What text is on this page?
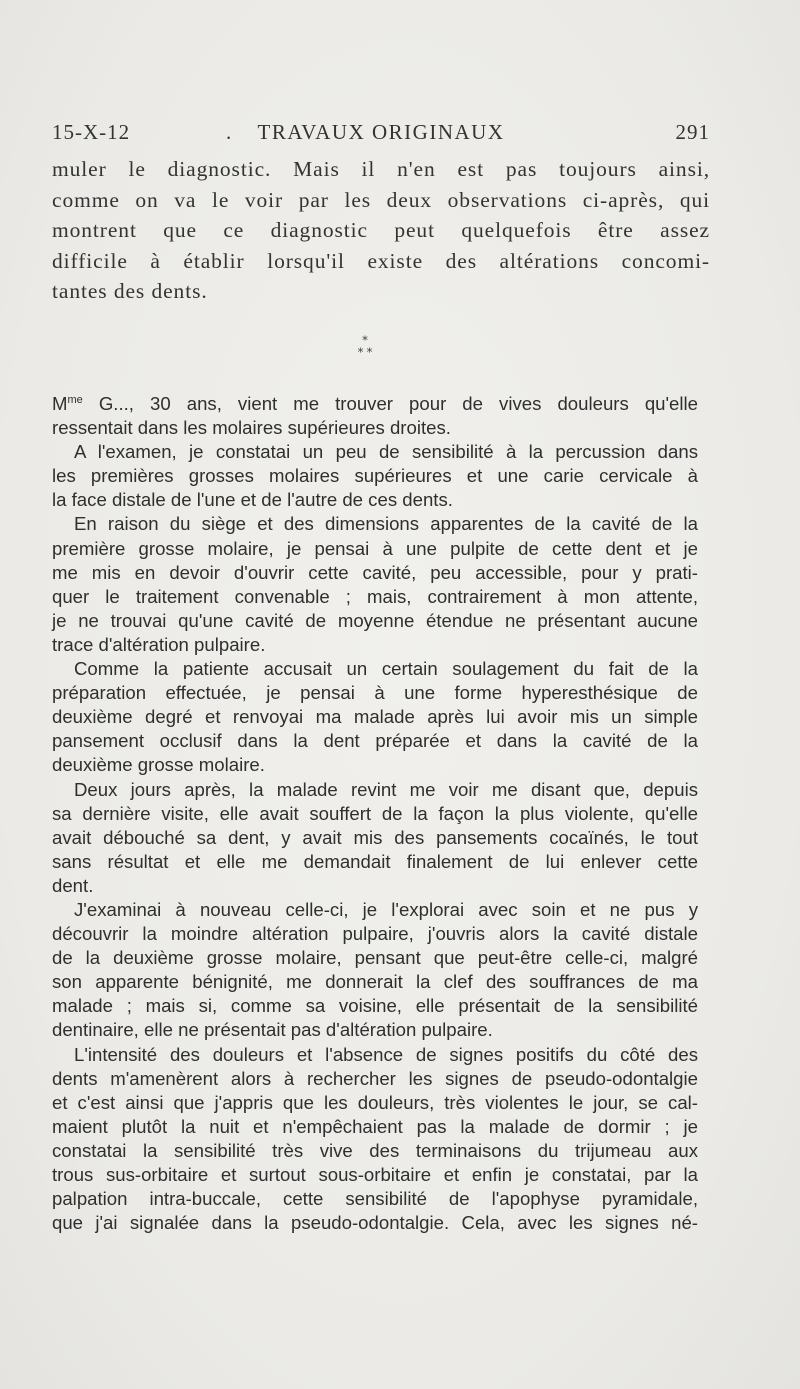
15-X-12	.	TRAVAUX ORIGINAUX	291
muler le diagnostic. Mais il n'en est pas toujours ainsi,
comme on va le voir par les deux observations ci-après, qui
montrent que ce diagnostic peut quelquefois être assez
difficile à établir lorsqu'il existe des altérations concomi-
tantes des dents.
*
* *
$M^{me}$ G..., 30 ans, vient me trouver pour de vives douleurs qu'elle
ressentait dans les molaires supérieures droites.
A l'examen, je constatai un peu de sensibilité à la percussion dans
les premières grosses molaires supérieures et une carie cervicale à
la face distale de l'une et de l'autre de ces dents.
En raison du siège et des dimensions apparentes de la cavité de la
première grosse molaire, je pensai à une pulpite de cette dent et je
me mis en devoir d'ouvrir cette cavité, peu accessible, pour y prati-
quer le traitement convenable ; mais, contrairement à mon attente,
je ne trouvai qu'une cavité de moyenne étendue ne présentant aucune
trace d'altération pulpaire.
Comme la patiente accusait un certain soulagement du fait de la
préparation effectuée, je pensai à une forme hyperesthésique de
deuxième degré et renvoyai ma malade après lui avoir mis un simple
pansement occlusif dans la dent préparée et dans la cavité de la
deuxième grosse molaire.
Deux jours après, la malade revint me voir me disant que, depuis
sa dernière visite, elle avait souffert de la façon la plus violente, qu'elle
avait débouché sa dent, y avait mis des pansements cocaïnés, le tout
sans résultat et elle me demandait finalement de lui enlever cette
dent.
J'examinai à nouveau celle-ci, je l'explorai avec soin et ne pus y
découvrir la moindre altération pulpaire, j'ouvris alors la cavité distale
de la deuxième grosse molaire, pensant que peut-être celle-ci, malgré
son apparente bénignité, me donnerait la clef des souffrances de ma
malade ; mais si, comme sa voisine, elle présentait de la sensibilité
dentinaire, elle ne présentait pas d'altération pulpaire.
L'intensité des douleurs et l'absence de signes positifs du côté des
dents m'amenèrent alors à rechercher les signes de pseudo-odontalgie
et c'est ainsi que j'appris que les douleurs, très violentes le jour, se cal-
maient plutôt la nuit et n'empêchaient pas la malade de dormir ; je
constatai la sensibilité très vive des terminaisons du trijumeau aux
trous sus-orbitaire et surtout sous-orbitaire et enfin je constatai, par la
palpation intra-buccale, cette sensibilité de l'apophyse pyramidale,
que j'ai signalée dans la pseudo-odontalgie. Cela, avec les signes né-
